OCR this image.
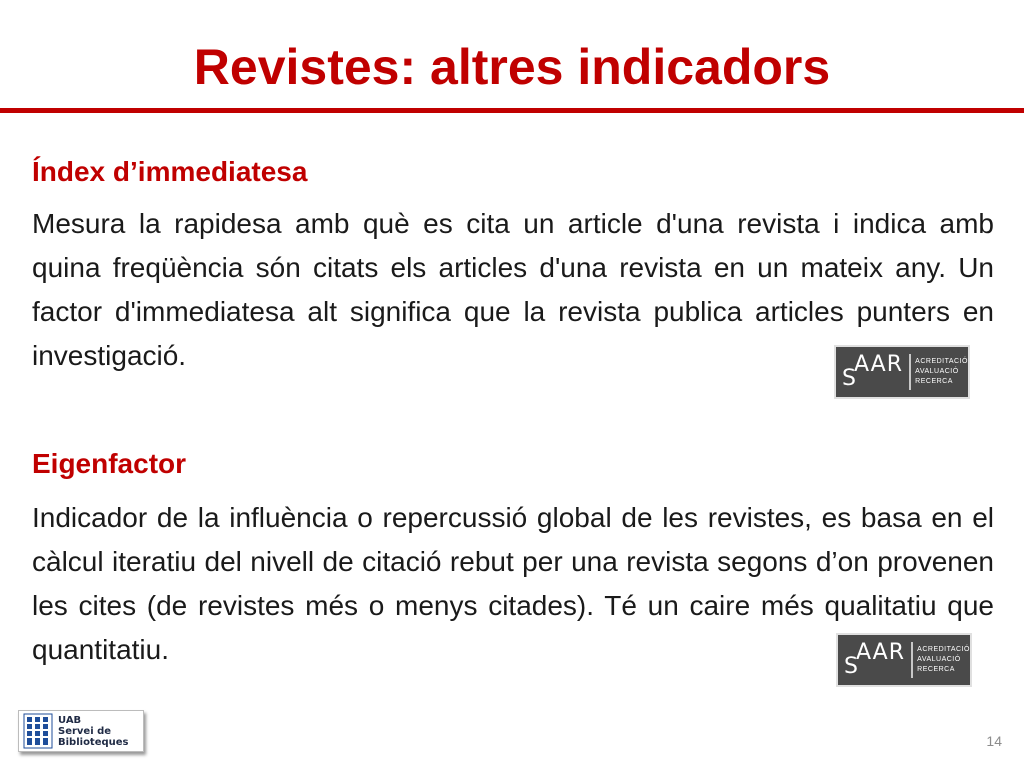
Revistes: altres indicadors
Índex d’immediatesa
Mesura la rapidesa amb què es cita un article d'una revista i indica amb quina freqüència són citats els articles d'una revista en un mateix any. Un factor d'immediatesa alt significa que la revista publica articles punters en investigació.
S
AAR ACREDITACIÓ
AVALUACIÓ
RECERCA
Eigenfactor
Indicador de la influència o repercussió global de les revistes, es basa en el càlcul iteratiu del nivell de citació rebut per una revista segons d’on provenen les cites (de revistes més o menys citades). Té un caire més qualitatiu que quantitatiu.
S
AAR ACREDITACIÓ
AVALUACIÓ
RECERCA
UAB
Servei de
Biblioteques	14
